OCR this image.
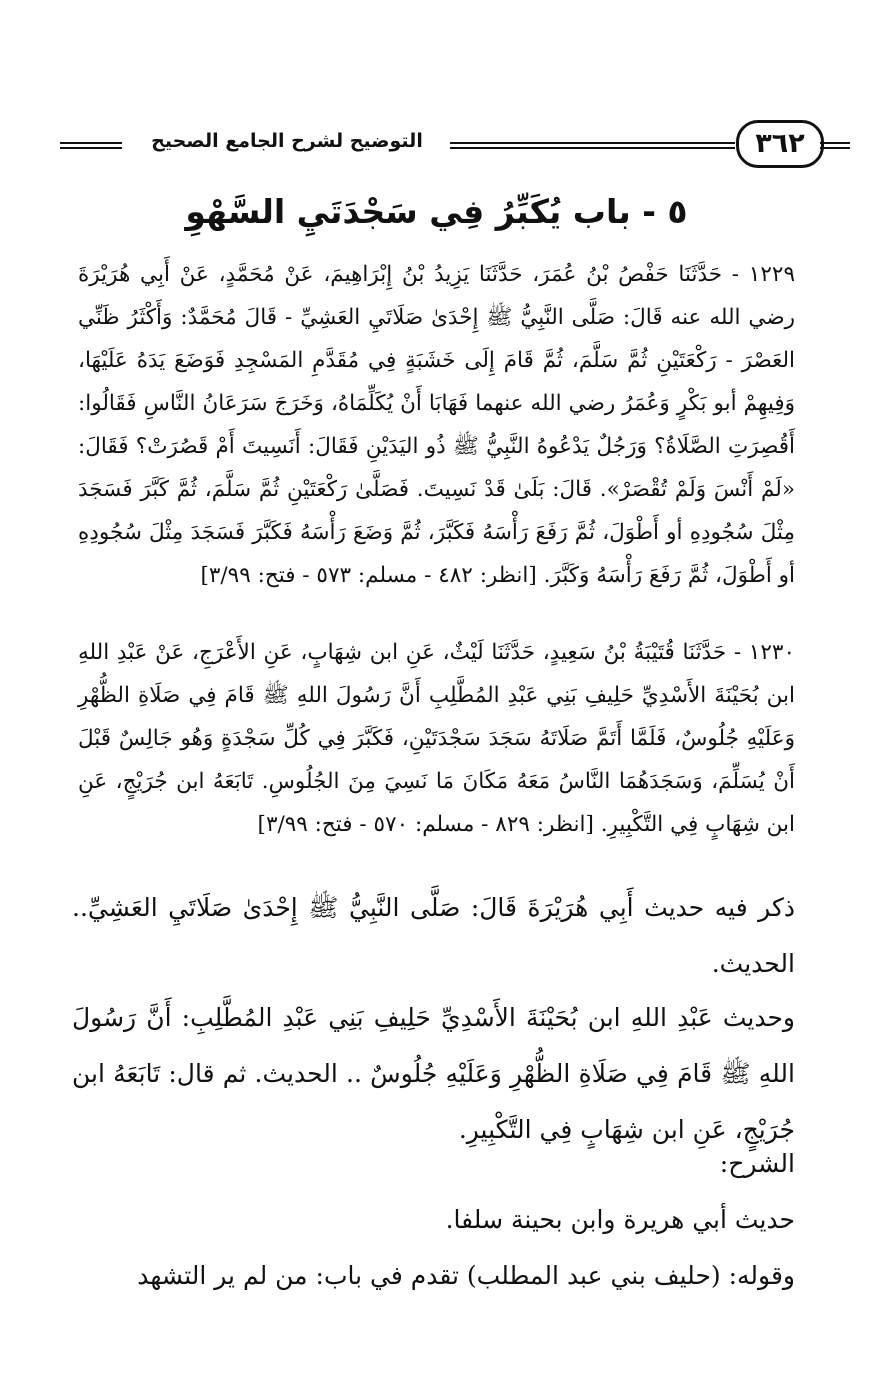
التوضيح لشرح الجامع الصحيح	٣٦٢
٥ - باب يُكَبِّرُ فِي سَجْدَتَيِ السَّهْوِ
١٢٢٩ - حَدَّثَنَا حَفْصُ بْنُ عُمَرَ، حَدَّثَنَا يَزِيدُ بْنُ إِبْرَاهِيمَ، عَنْ مُحَمَّدٍ، عَنْ أَبِي هُرَيْرَةَ رضي الله عنه قَالَ: صَلَّى النَّبِيُّ ﷺ إِحْدَىٰ صَلَاتَيِ العَشِيِّ - قَالَ مُحَمَّدٌ: وَأَكْثَرُ ظَنِّي العَصْرَ - رَكْعَتَيْنِ ثُمَّ سَلَّمَ، ثُمَّ قَامَ إِلَى خَشَبَةٍ فِي مُقَدَّمِ المَسْجِدِ فَوَضَعَ يَدَهُ عَلَيْهَا، وَفِيهِمْ أبو بَكْرٍ وَعُمَرُ رضي الله عنهما فَهَابَا أَنْ يُكَلِّمَاهُ، وَخَرَجَ سَرَعَانُ النَّاسِ فَقَالُوا: أَقُصِرَتِ الصَّلَاةُ؟ وَرَجُلٌ يَدْعُوهُ النَّبِيُّ ﷺ ذُو اليَدَيْنِ فَقَالَ: أَنَسِيتَ أَمْ قَصُرَتْ؟ فَقَالَ: «لَمْ أَنْسَ وَلَمْ تُقْصَرْ». قَالَ: بَلَىٰ قَدْ نَسِيتَ. فَصَلَّىٰ رَكْعَتَيْنِ ثُمَّ سَلَّمَ، ثُمَّ كَبَّرَ فَسَجَدَ مِثْلَ سُجُودِهِ أو أَطْوَلَ، ثُمَّ رَفَعَ رَأْسَهُ فَكَبَّرَ، ثُمَّ وَضَعَ رَأْسَهُ فَكَبَّرَ فَسَجَدَ مِثْلَ سُجُودِهِ أو أَطْوَلَ، ثُمَّ رَفَعَ رَأْسَهُ وَكَبَّرَ. [انظر: ٤٨٢ - مسلم: ٥٧٣ - فتح: ٣/٩٩]
١٢٣٠ - حَدَّثَنَا قُتَيْبَةُ بْنُ سَعِيدٍ، حَدَّثَنَا لَيْثٌ، عَنِ ابن شِهَابٍ، عَنِ الأَعْرَجِ، عَنْ عَبْدِ اللهِ ابن بُحَيْنَةَ الأَسْدِيِّ حَلِيفِ بَنِي عَبْدِ المُطَّلِبِ أَنَّ رَسُولَ اللهِ ﷺ قَامَ فِي صَلَاةِ الظُّهْرِ وَعَلَيْهِ جُلُوسٌ، فَلَمَّا أَتَمَّ صَلَاتَهُ سَجَدَ سَجْدَتَيْنِ، فَكَبَّرَ فِي كُلِّ سَجْدَةٍ وَهُو جَالِسٌ قَبْلَ أَنْ يُسَلِّمَ، وَسَجَدَهُمَا النَّاسُ مَعَهُ مَكَانَ مَا نَسِيَ مِنَ الجُلُوسِ. تَابَعَهُ ابن جُرَيْجٍ، عَنِ ابن شِهَابٍ فِي التَّكْبِيرِ. [انظر: ٨٢٩ - مسلم: ٥٧٠ - فتح: ٣/٩٩]
ذكر فيه حديث أَبِي هُرَيْرَةَ قَالَ: صَلَّى النَّبِيُّ ﷺ إِحْدَىٰ صَلَاتَيِ العَشِيِّ.. الحديث.
وحديث عَبْدِ اللهِ ابن بُحَيْنَةَ الأَسْدِيِّ حَلِيفِ بَنِي عَبْدِ المُطَّلِبِ: أَنَّ رَسُولَ اللهِ ﷺ قَامَ فِي صَلَاةِ الظُّهْرِ وَعَلَيْهِ جُلُوسٌ .. الحديث. ثم قال: تَابَعَهُ ابن جُرَيْجٍ، عَنِ ابن شِهَابٍ فِي التَّكْبِيرِ.
الشرح:
حديث أبي هريرة وابن بحينة سلفا.
وقوله: (حليف بني عبد المطلب) تقدم في باب: من لم ير التشهد
